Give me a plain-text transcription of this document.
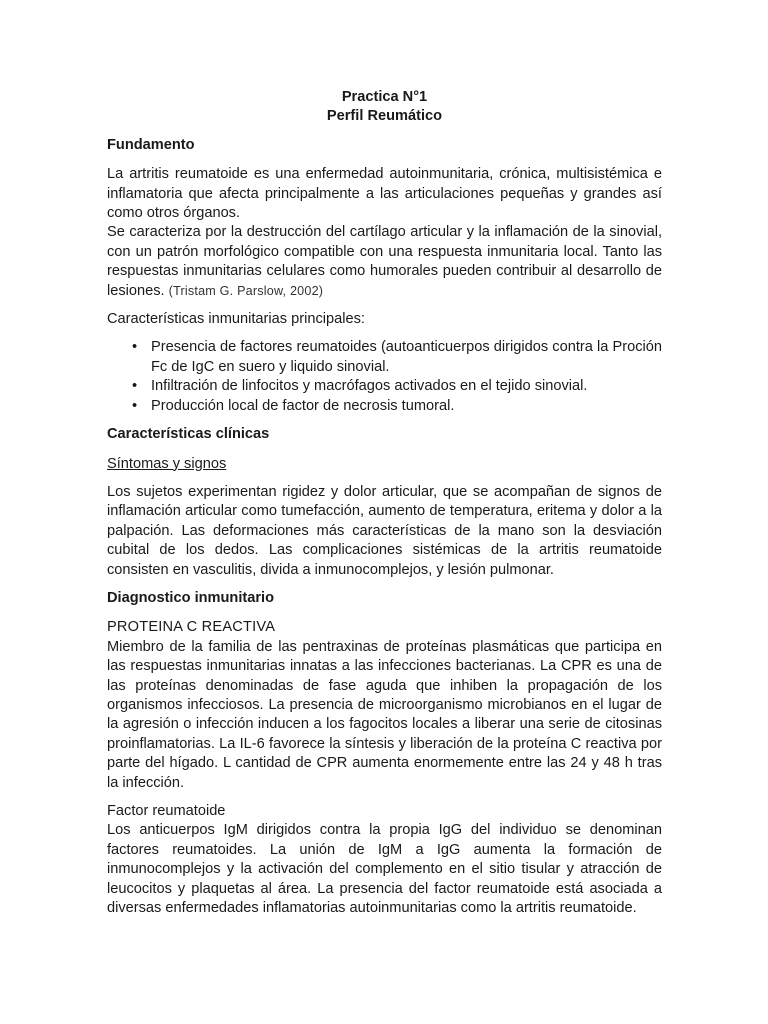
Practica N°1

Perfil Reumático

Fundamento

La artritis reumatoide es una enfermedad autoinmunitaria, crónica, multisistémica e inflamatoria que afecta principalmente a las articulaciones pequeñas y grandes así como otros órganos.

Se caracteriza por la destrucción del cartílago articular y la inflamación de la sinovial, con un patrón morfológico compatible con una respuesta inmunitaria local. Tanto las respuestas inmunitarias celulares como humorales pueden contribuir al desarrollo de lesiones. (Tristam G. Parslow, 2002)

Características inmunitarias principales:

• Presencia de factores reumatoides (autoanticuerpos dirigidos contra la Proción Fc de IgC en suero y liquido sinovial.
• Infiltración de linfocitos y macrófagos activados en el tejido sinovial.
• Producción local de factor de necrosis tumoral.
Características clínicas

Síntomas y signos

Los sujetos experimentan rigidez y dolor articular, que se acompañan de signos de inflamación articular como tumefacción, aumento de temperatura, eritema y dolor a la palpación. Las deformaciones más características de la mano son la desviación cubital de los dedos. Las complicaciones sistémicas de la artritis reumatoide consisten en vasculitis, divida a inmunocomplejos, y lesión pulmonar.

Diagnostico inmunitario

PROTEINA C REACTIVA

Miembro de la familia de las pentraxinas de proteínas plasmáticas que participa en las respuestas inmunitarias innatas a las infecciones bacterianas. La CPR es una de las proteínas denominadas de fase aguda que inhiben la propagación de los organismos infecciosos. La presencia de microorganismo microbianos en el lugar de la agresión o infección inducen a los fagocitos locales a liberar una serie de citosinas proinflamatorias. La IL-6 favorece la síntesis y liberación de la proteína C reactiva por parte del hígado. L cantidad de CPR aumenta enormemente entre las 24 y 48 h tras la infección.

Factor reumatoide

Los anticuerpos IgM dirigidos contra la propia IgG del individuo se denominan factores reumatoides. La unión de IgM a IgG aumenta la formación de inmunocomplejos y la activación del complemento en el sitio tisular y atracción de leucocitos y plaquetas al área. La presencia del factor reumatoide está asociada a diversas enfermedades inflamatorias autoinmunitarias como la artritis reumatoide.
